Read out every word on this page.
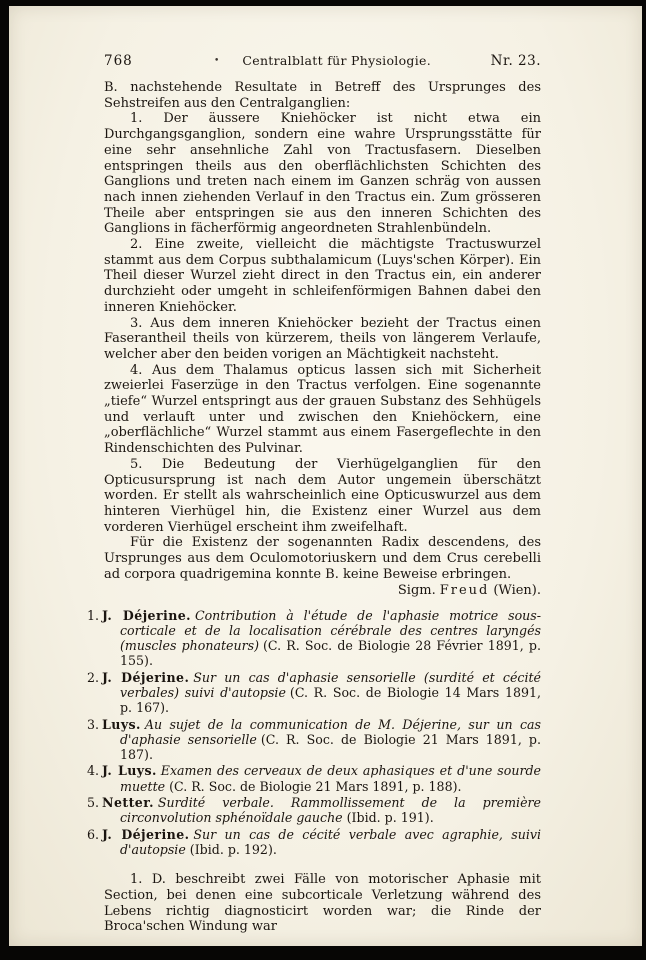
768	• Centralblatt für Physiologie.	Nr. 23.

B. nachstehende Resultate in Betreff des Ursprunges des Sehstreifen aus den Centralganglien:

1. Der äussere Kniehöcker ist nicht etwa ein Durchgangsganglion, sondern eine wahre Ursprungsstätte für eine sehr ansehnliche Zahl von Tractusfasern. Dieselben entspringen theils aus den oberflächlichsten Schichten des Ganglions und treten nach einem im Ganzen schräg von aussen nach innen ziehenden Verlauf in den Tractus ein. Zum grösseren Theile aber entspringen sie aus den inneren Schichten des Ganglions in fächerförmig angeordneten Strahlenbündeln.

2. Eine zweite, vielleicht die mächtigste Tractuswurzel stammt aus dem Corpus subthalamicum (Luys'schen Körper). Ein Theil dieser Wurzel zieht direct in den Tractus ein, ein anderer durchzieht oder umgeht in schleifenförmigen Bahnen dabei den inneren Kniehöcker.

3. Aus dem inneren Kniehöcker bezieht der Tractus einen Faserantheil theils von kürzerem, theils von längerem Verlaufe, welcher aber den beiden vorigen an Mächtigkeit nachsteht.

4. Aus dem Thalamus opticus lassen sich mit Sicherheit zweierlei Faserzüge in den Tractus verfolgen. Eine sogenannte „tiefe“ Wurzel entspringt aus der grauen Substanz des Sehhügels und verlauft unter und zwischen den Kniehöckern, eine „oberflächliche“ Wurzel stammt aus einem Fasergeflechte in den Rindenschichten des Pulvinar.

5. Die Bedeutung der Vierhügelganglien für den Opticusursprung ist nach dem Autor ungemein überschätzt worden. Er stellt als wahrscheinlich eine Opticuswurzel aus dem hinteren Vierhügel hin, die Existenz einer Wurzel aus dem vorderen Vierhügel erscheint ihm zweifelhaft.

Für die Existenz der sogenannten Radix descendens, des Ursprunges aus dem Oculomotoriuskern und dem Crus cerebelli ad corpora quadrigemina konnte B. keine Beweise erbringen.

Sigm. Freud (Wien).

1. J. Déjerine. Contribution à l'étude de l'aphasie motrice sous-corticale et de la localisation cérébrale des centres laryngés (muscles phonateurs) (C. R. Soc. de Biologie 28 Février 1891, p. 155).

2. J. Déjerine. Sur un cas d'aphasie sensorielle (surdité et cécité verbales) suivi d'autopsie (C. R. Soc. de Biologie 14 Mars 1891, p. 167).

3. Luys. Au sujet de la communication de M. Déjerine, sur un cas d'aphasie sensorielle (C. R. Soc. de Biologie 21 Mars 1891, p. 187).

4. J. Luys. Examen des cerveaux de deux aphasiques et d'une sourde muette (C. R. Soc. de Biologie 21 Mars 1891, p. 188).

5. Netter. Surdité verbale. Rammollissement de la première circonvolution sphénoïdale gauche (Ibid. p. 191).

6. J. Déjerine. Sur un cas de cécité verbale avec agraphie, suivi d'autopsie (Ibid. p. 192).

1. D. beschreibt zwei Fälle von motorischer Aphasie mit Section, bei denen eine subcorticale Verletzung während des Lebens richtig diagnosticirt worden war; die Rinde der Broca'schen Windung war
